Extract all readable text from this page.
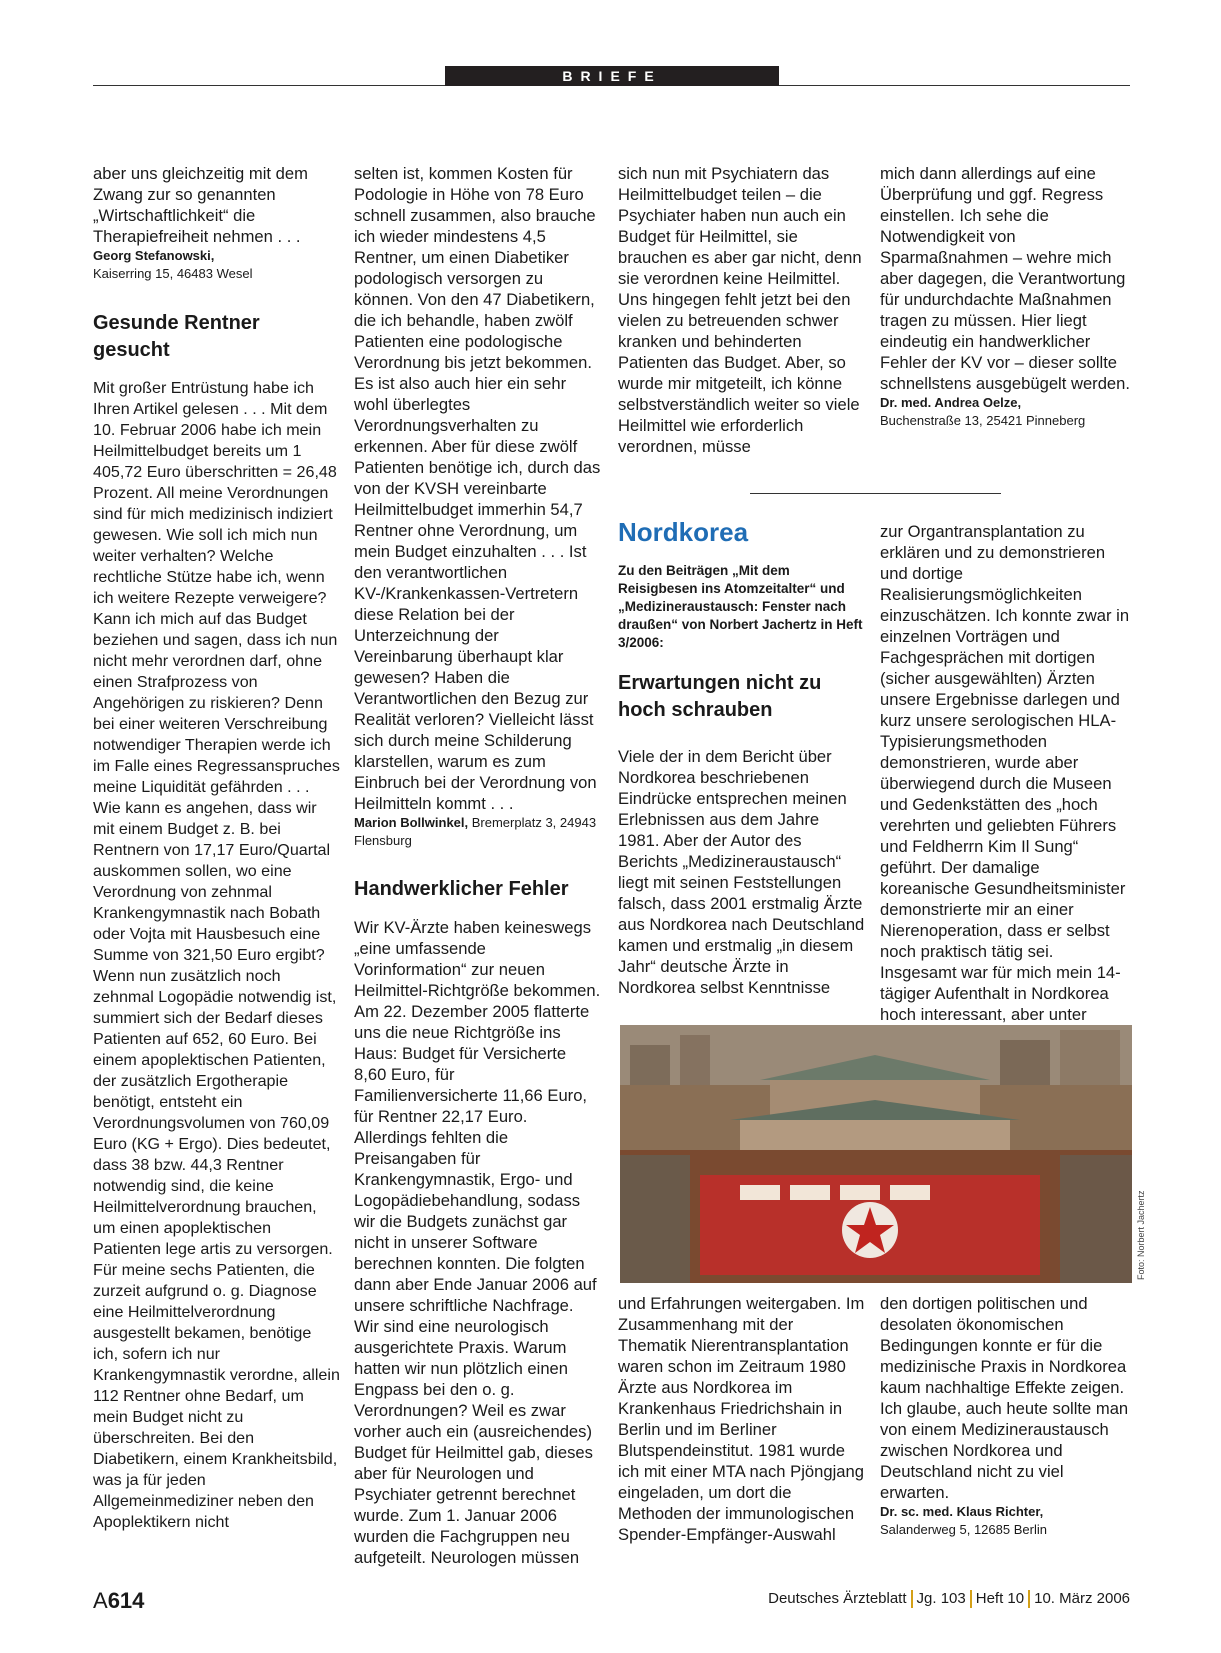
BRIEFE

aber uns gleichzeitig mit dem Zwang zur so genannten „Wirtschaftlichkeit“ die Therapiefreiheit nehmen . . .

Georg Stefanowski,

Kaiserring 15, 46483 Wesel

Gesunde Rentner gesucht

Mit großer Entrüstung habe ich Ihren Artikel gelesen . . . Mit dem 10. Februar 2006 habe ich mein Heilmittelbudget bereits um 1 405,72 Euro überschritten = 26,48 Prozent. All meine Verordnungen sind für mich medizinisch indiziert gewesen. Wie soll ich mich nun weiter verhalten? Welche rechtliche Stütze habe ich, wenn ich weitere Rezepte verweigere? Kann ich mich auf das Budget beziehen und sagen, dass ich nun nicht mehr verordnen darf, ohne einen Strafprozess von Angehörigen zu riskieren? Denn bei einer weiteren Verschreibung notwendiger Therapien werde ich im Falle eines Regressanspruches meine Liquidität gefährden . . . Wie kann es angehen, dass wir mit einem Budget z. B. bei Rentnern von 17,17 Euro/Quartal auskommen sollen, wo eine Verordnung von zehnmal Krankengymnastik nach Bobath oder Vojta mit Hausbesuch eine Summe von 321,50 Euro ergibt? Wenn nun zusätzlich noch zehnmal Logopädie notwendig ist, summiert sich der Bedarf dieses Patienten auf 652, 60 Euro. Bei einem apoplektischen Patienten, der zusätzlich Ergotherapie benötigt, entsteht ein Verordnungsvolumen von 760,09 Euro (KG + Ergo). Dies bedeutet, dass 38 bzw. 44,3 Rentner notwendig sind, die keine Heilmittelverordnung brauchen, um einen apoplektischen Patienten lege artis zu versorgen. Für meine sechs Patienten, die zurzeit aufgrund o. g. Diagnose eine Heilmittelverordnung ausgestellt bekamen, benötige ich, sofern ich nur Krankengymnastik verordne, allein 112 Rentner ohne Bedarf, um mein Budget nicht zu überschreiten. Bei den Diabetikern, einem Krankheitsbild, was ja für jeden Allgemeinmediziner neben den Apoplektikern nicht

selten ist, kommen Kosten für Podologie in Höhe von 78 Euro schnell zusammen, also brauche ich wieder mindestens 4,5 Rentner, um einen Diabetiker podologisch versorgen zu können. Von den 47 Diabetikern, die ich behandle, haben zwölf Patienten eine podologische Verordnung bis jetzt bekommen. Es ist also auch hier ein sehr wohl überlegtes Verordnungsverhalten zu erkennen. Aber für diese zwölf Patienten benötige ich, durch das von der KVSH vereinbarte Heilmittelbudget immerhin 54,7 Rentner ohne Verordnung, um mein Budget einzuhalten . . . Ist den verantwortlichen KV-/Krankenkassen-Vertretern diese Relation bei der Unterzeichnung der Vereinbarung überhaupt klar gewesen? Haben die Verantwortlichen den Bezug zur Realität verloren? Vielleicht lässt sich durch meine Schilderung klarstellen, warum es zum Einbruch bei der Verordnung von Heilmitteln kommt . . .

Marion Bollwinkel, Bremerplatz 3, 24943 Flensburg

Handwerklicher Fehler

Wir KV-Ärzte haben keineswegs „eine umfassende Vorinformation“ zur neuen Heilmittel-Richtgröße bekommen. Am 22. Dezember 2005 flatterte uns die neue Richtgröße ins Haus: Budget für Versicherte 8,60 Euro, für Familienversicherte 11,66 Euro, für Rentner 22,17 Euro. Allerdings fehlten die Preisangaben für Krankengymnastik, Ergo- und Logopädiebehandlung, sodass wir die Budgets zunächst gar nicht in unserer Software berechnen konnten. Die folgten dann aber Ende Januar 2006 auf unsere schriftliche Nachfrage. Wir sind eine neurologisch ausgerichtete Praxis. Warum hatten wir nun plötzlich einen Engpass bei den o. g. Verordnungen? Weil es zwar vorher auch ein (ausreichendes) Budget für Heilmittel gab, dieses aber für Neurologen und Psychiater getrennt berechnet wurde. Zum 1. Januar 2006 wurden die Fachgruppen neu aufgeteilt. Neurologen müssen

sich nun mit Psychiatern das Heilmittelbudget teilen – die Psychiater haben nun auch ein Budget für Heilmittel, sie brauchen es aber gar nicht, denn sie verordnen keine Heilmittel. Uns hingegen fehlt jetzt bei den vielen zu betreuenden schwer kranken und behinderten Patienten das Budget. Aber, so wurde mir mitgeteilt, ich könne selbstverständlich weiter so viele Heilmittel wie erforderlich verordnen, müsse

mich dann allerdings auf eine Überprüfung und ggf. Regress einstellen. Ich sehe die Notwendigkeit von Sparmaßnahmen – wehre mich aber dagegen, die Verantwortung für undurchdachte Maßnahmen tragen zu müssen. Hier liegt eindeutig ein handwerklicher Fehler der KV vor – dieser sollte schnellstens ausgebügelt werden.

Dr. med. Andrea Oelze,

Buchenstraße 13, 25421 Pinneberg

Nordkorea

Zu den Beiträgen „Mit dem Reisigbesen ins Atomzeitalter“ und „Medizineraustausch: Fenster nach draußen“ von Norbert Jachertz in Heft 3/2006:

Erwartungen nicht zu hoch schrauben

Viele der in dem Bericht über Nordkorea beschriebenen Eindrücke entsprechen meinen Erlebnissen aus dem Jahre 1981. Aber der Autor des Berichts „Medizineraustausch“ liegt mit seinen Feststellungen falsch, dass 2001 erstmalig Ärzte aus Nordkorea nach Deutschland kamen und erstmalig „in diesem Jahr“ deutsche Ärzte in Nordkorea selbst Kenntnisse

zur Organtransplantation zu erklären und zu demonstrieren und dortige Realisierungsmöglichkeiten einzuschätzen. Ich konnte zwar in einzelnen Vorträgen und Fachgesprächen mit dortigen (sicher ausgewählten) Ärzten unsere Ergebnisse darlegen und kurz unsere serologischen HLA-Typisierungsmethoden demonstrieren, wurde aber überwiegend durch die Museen und Gedenkstätten des „hoch verehrten und geliebten Führers und Feldherrn Kim Il Sung“ geführt. Der damalige koreanische Gesundheitsminister demonstrierte mir an einer Nierenoperation, dass er selbst noch praktisch tätig sei. Insgesamt war für mich mein 14-tägiger Aufenthalt in Nordkorea hoch interessant, aber unter

Foto: Norbert Jachertz

und Erfahrungen weitergaben. Im Zusammenhang mit der Thematik Nierentransplantation waren schon im Zeitraum 1980 Ärzte aus Nordkorea im Krankenhaus Friedrichshain in Berlin und im Berliner Blutspendeinstitut. 1981 wurde ich mit einer MTA nach Pjöngjang eingeladen, um dort die Methoden der immunologischen Spender-Empfänger-Auswahl

den dortigen politischen und desolaten ökonomischen Bedingungen konnte er für die medizinische Praxis in Nordkorea kaum nachhaltige Effekte zeigen. Ich glaube, auch heute sollte man von einem Medizineraustausch zwischen Nordkorea und Deutschland nicht zu viel erwarten.

Dr. sc. med. Klaus Richter,

Salanderweg 5, 12685 Berlin

A614	Deutsches Ärzteblatt Jg. 103 Heft 10 10. März 2006
